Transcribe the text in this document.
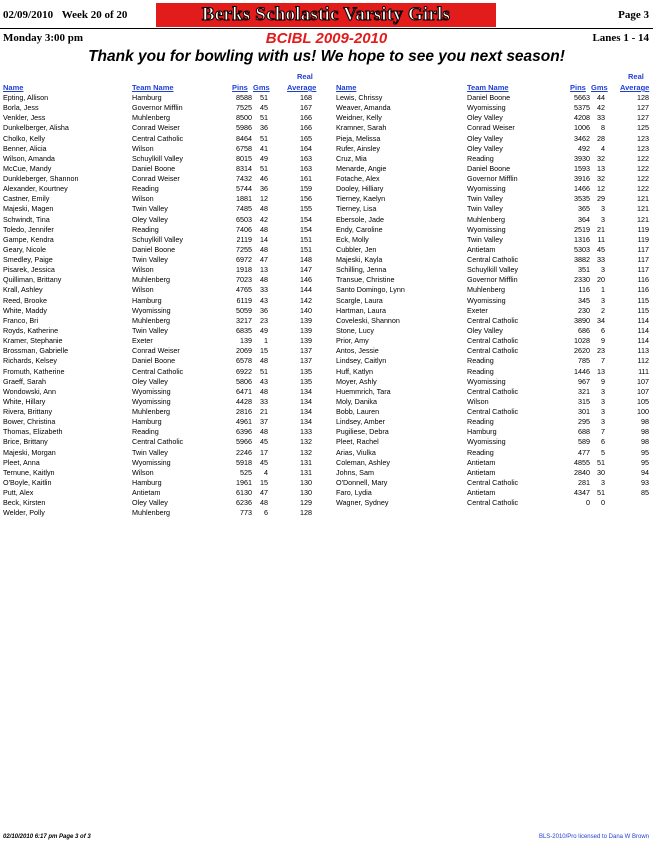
02/09/2010 Week 20 of 20	Berks Scholastic Varsity Girls	Page 3
Monday 3:00 pm	BCIBL 2009-2010	Lanes 1 - 14
Thank you for bowling with us! We hope to see you next season!
Name	Team Name	Pins Gms
Real
Average	Name	Team Name	Pins Gms
Real
Average
Epting, Allison	Hamburg	8588	51	168
Borla, Jess	Governor Mifflin	7525	45	167
Venkler, Jess	Muhlenberg	8500	51	166
Dunkelberger, Alisha	Conrad Weiser	5986	36	166
Cholko, Kelly	Central Catholic	8464	51	165
Benner, Alicia	Wilson	6758	41	164
Wilson, Amanda	Schuylkill Valley	8015	49	163
McCue, Mandy	Daniel Boone	8314	51	163
Dunkleberger, Shannon	Conrad Weiser	7432	46	161
Alexander, Kourtney	Reading	5744	36	159
Castner, Emily	Wilson	1881	12	156
Majeski, Magen	Twin Valley	7485	48	155
Schwindt, Tina	Oley Valley	6503	42	154
Toledo, Jennifer	Reading	7406	48	154
Gampe, Kendra	Schuylkill Valley	2119	14	151
Geary, Nicole	Daniel Boone	7255	48	151
Smedley, Paige	Twin Valley	6972	47	148
Pisarek, Jessica	Wilson	1918	13	147
Quilliman, Brittany	Muhlenberg	7023	48	146
Krall, Ashley	Wilson	4765	33	144
Reed, Brooke	Hamburg	6119	43	142
White, Maddy	Wyomissing	5059	36	140
Franco, Bri	Muhlenberg	3217	23	139
Royds, Katherine	Twin Valley	6835	49	139
Kramer, Stephanie	Exeter	139	1	139
Brossman, Gabrielle	Conrad Weiser	2069	15	137
Richards, Kelsey	Daniel Boone	6578	48	137
Fromuth, Katherine	Central Catholic	6922	51	135
Graeff, Sarah	Oley Valley	5806	43	135
Wondowski, Ann	Wyomissing	6471	48	134
White, Hillary	Wyomissing	4428	33	134
Rivera, Brittany	Muhlenberg	2816	21	134
Bower, Christina	Hamburg	4961	37	134
Thomas, Elizabeth	Reading	6396	48	133
Brice, Brittany	Central Catholic	5966	45	132
Majeski, Morgan	Twin Valley	2246	17	132
Pleet, Anna	Wyomissing	5918	45	131
Ternune, Kaitlyn	Wilson	525	4	131
O'Boyle, Kaitlin	Hamburg	1961	15	130
Putt, Alex	Antietam	6130	47	130
Beck, Kirsten	Oley Valley	6236	48	129
Welder, Polly	Muhlenberg	773	6	128
Lewis, Chrissy	Daniel Boone	5663 44	128
Weaver, Amanda	Wyomissing	5375 42	127
Weidner, Kelly	Oley Valley	4208 33	127
Kramner, Sarah	Conrad Weiser	1006	8	125
Pieja, Melissa	Oley Valley	3462 28	123
Rufer, Ainsley	Oley Valley	492	4	123
Cruz, Mia	Reading	3930 32	122
Menarde, Angie	Daniel Boone	1593 13	122
Fotache, Alex	Governor Mifflin	3916 32	122
Dooley, Hilliary	Wyomissing	1466 12	122
Tierney, Kaelyn	Twin Valley	3535 29	121
Tierney, Lisa	Twin Valley	365	3	121
Ebersole, Jade	Muhlenberg	364	3	121
Endy, Caroline	Wyomissing	2519 21	119
Eck, Molly	Twin Valley	1316	11	119
Cubbler, Jen	Antietam	5303 45	117
Majeski, Kayla	Central Catholic	3882 33	117
Schilling, Jenna	Schuylkill Valley	351	3	117
Transue, Christine	Governor Mifflin	2330 20	116
Santo Domingo, Lynn	Muhlenberg	116	1	116
Scargle, Laura	Wyomissing	345	3	115
Hartman, Laura	Exeter	230	2	115
Coveleski, Shannon	Central Catholic	3890 34	114
Stone, Lucy	Oley Valley	686	6	114
Prior, Amy	Central Catholic	1028	9	114
Antos, Jessie	Central Catholic	2620 23	113
Lindsey, Caitlyn	Reading	785	7	112
Huff, Katlyn	Reading	1446 13	111
Moyer, Ashly	Wyomissing	967	9	107
Huemmrich, Tara	Central Catholic	321	3	107
Moly, Danika	Wilson	315	3	105
Bobb, Lauren	Central Catholic	301	3	100
Lindsey, Amber	Reading	295	3	98
Pugiliese, Debra	Hamburg	688	7	98
Pleet, Rachel	Wyomissing	589	6	98
Arias, Viulka	Reading	477	5	95
Coleman, Ashley	Antietam	4855 51	95
Johns, Sam	Antietam	2840 30	94
O'Donnell, Mary	Central Catholic	281	3	93
Faro, Lydia	Antietam	4347 51	85
Wagner, Sydney	Central Catholic	0	0
02/10/2010 6:17 pm Page 3 of 3	BLS-2010/Pro licensed to Dana W Brown
